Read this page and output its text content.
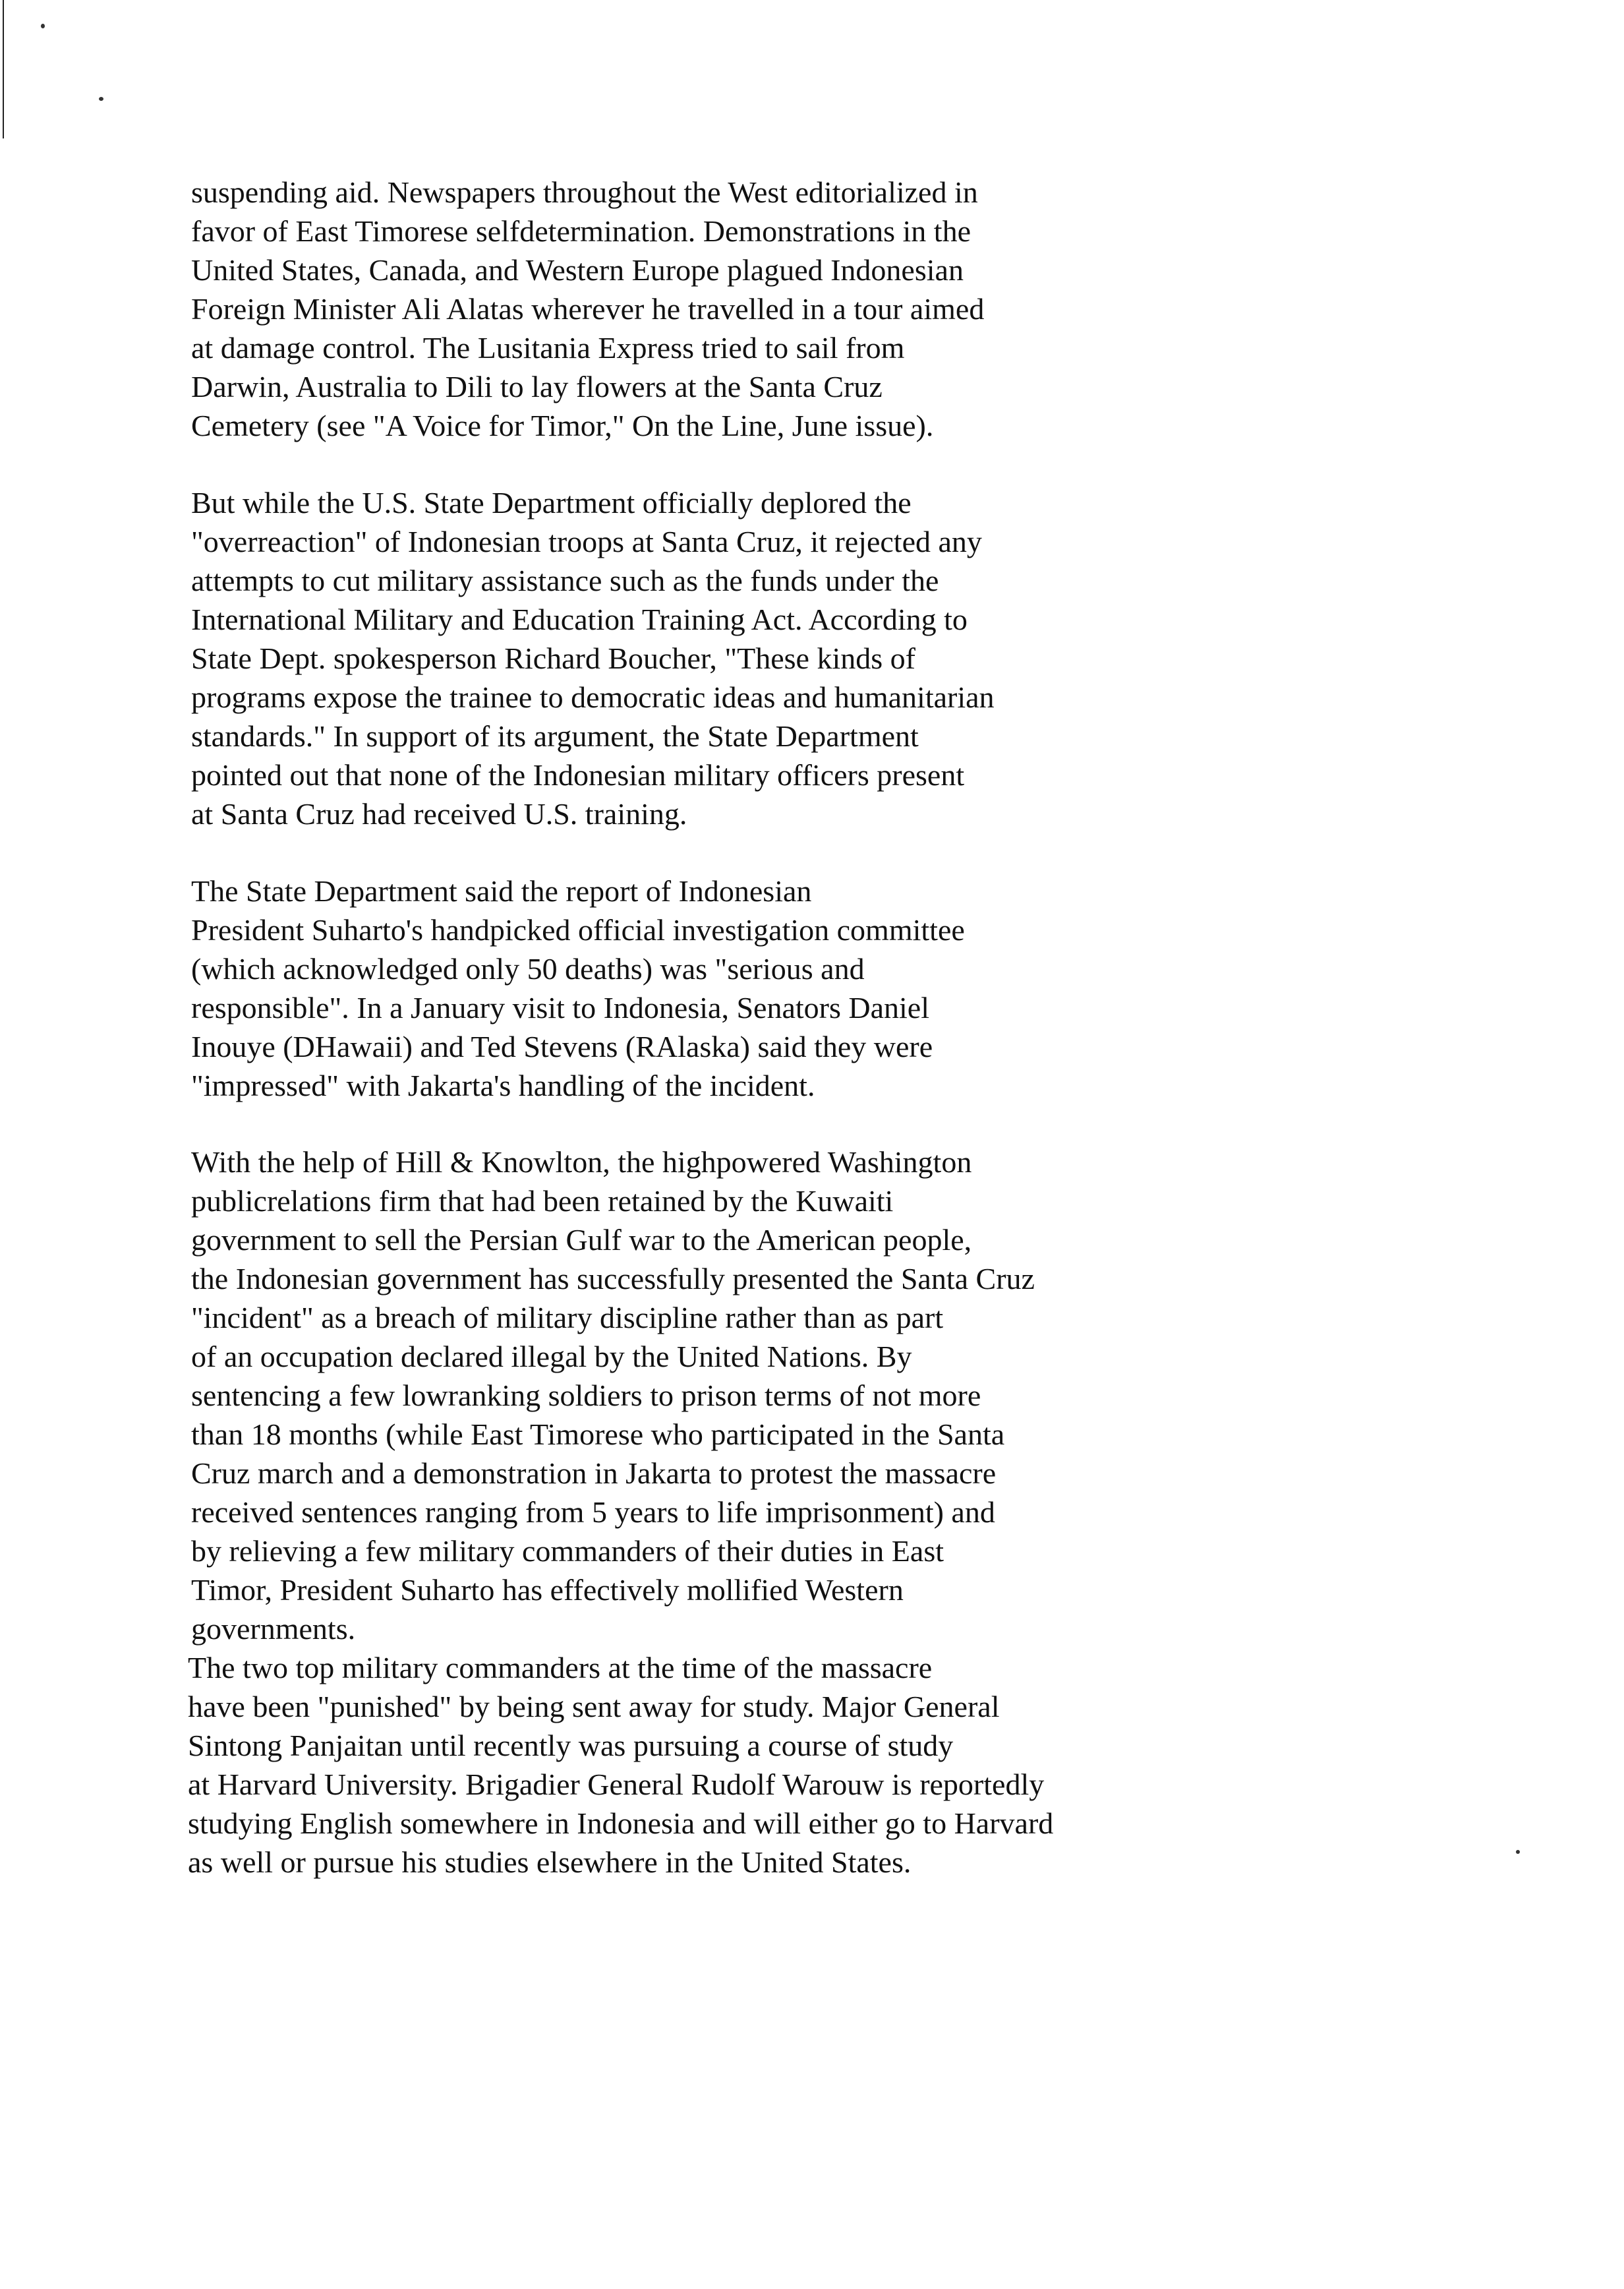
suspending aid. Newspapers throughout the West editorialized in
favor of East Timorese selfdetermination. Demonstrations in the
United States, Canada, and Western Europe plagued Indonesian
Foreign Minister Ali Alatas wherever he travelled in a tour aimed
at damage control. The Lusitania Express tried to sail from
Darwin, Australia to Dili to lay flowers at the Santa Cruz
Cemetery (see "A Voice for Timor," On the Line, June issue).

But while the U.S. State Department officially deplored the
"overreaction" of Indonesian troops at Santa Cruz, it rejected any
attempts to cut military assistance such as the funds under the
International Military and Education Training Act. According to
State Dept. spokesperson Richard Boucher, "These kinds of
programs expose the trainee to democratic ideas and humanitarian
standards." In support of its argument, the State Department
pointed out that none of the Indonesian military officers present
at Santa Cruz had received U.S. training.

The State Department said the report of Indonesian
President Suharto's handpicked official investigation committee
(which acknowledged only 50 deaths) was "serious and
responsible". In a January visit to Indonesia, Senators Daniel
Inouye (DHawaii) and Ted Stevens (RAlaska) said they were
"impressed" with Jakarta's handling of the incident.

With the help of Hill & Knowlton, the highpowered Washington
publicrelations firm that had been retained by the Kuwaiti
government to sell the Persian Gulf war to the American people,
the Indonesian government has successfully presented the Santa Cruz
"incident" as a breach of military discipline rather than as part
of an occupation declared illegal by the United Nations. By
sentencing a few lowranking soldiers to prison terms of not more
than 18 months (while East Timorese who participated in the Santa
Cruz march and a demonstration in Jakarta to protest the massacre
received sentences ranging from 5 years to life imprisonment) and
by relieving a few military commanders of their duties in East
Timor, President Suharto has effectively mollified Western
governments.

The two top military commanders at the time of the massacre
have been "punished" by being sent away for study. Major General
Sintong Panjaitan until recently was pursuing a course of study
at Harvard University. Brigadier General Rudolf Warouw is reportedly
studying English somewhere in Indonesia and will either go to Harvard
as well or pursue his studies elsewhere in the United States.
